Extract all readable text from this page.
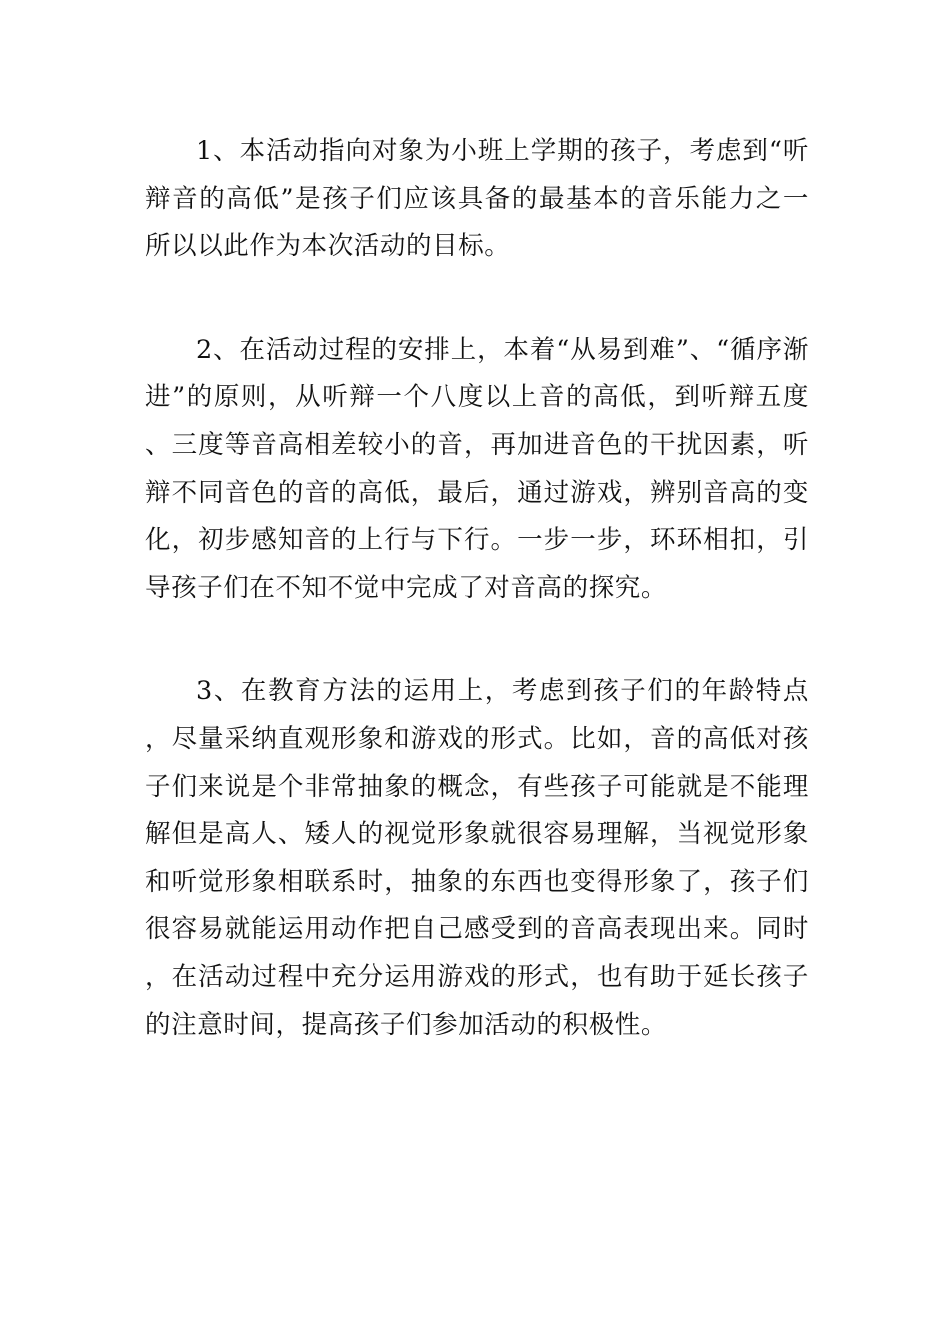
1、本活动指向对象为小班上学期的孩子，考虑到“听辩音的高低”是孩子们应该具备的最基本的音乐能力之一所以以此作为本次活动的目标。

2、在活动过程的安排上，本着“从易到难”、“循序渐进”的原则，从听辩一个八度以上音的高低，到听辩五度、三度等音高相差较小的音，再加进音色的干扰因素，听辩不同音色的音的高低，最后，通过游戏，辨别音高的变化，初步感知音的上行与下行。一步一步，环环相扣，引导孩子们在不知不觉中完成了对音高的探究。

3、在教育方法的运用上，考虑到孩子们的年龄特点，尽量采纳直观形象和游戏的形式。比如，音的高低对孩子们来说是个非常抽象的概念，有些孩子可能就是不能理解但是高人、矮人的视觉形象就很容易理解，当视觉形象和听觉形象相联系时，抽象的东西也变得形象了，孩子们很容易就能运用动作把自己感受到的音高表现出来。同时，在活动过程中充分运用游戏的形式，也有助于延长孩子的注意时间，提高孩子们参加活动的积极性。
